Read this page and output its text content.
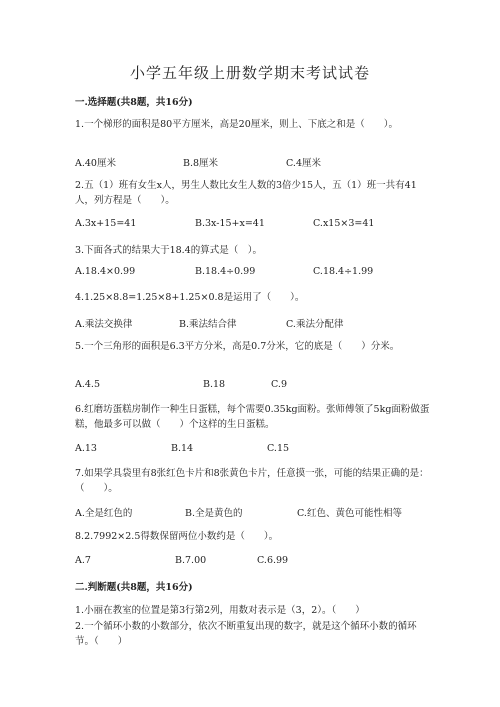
小学五年级上册数学期末考试试卷
一.选择题(共8题，共16分)
1.一个梯形的面积是80平方厘米，高是20厘米，则上、下底之和是（　　）。
A.40厘米	B.8厘米	C.4厘米
2.五（1）班有女生x人，男生人数比女生人数的3倍少15人，五（1）班一共有41人，列方程是（　　）。
A.3x+15=41	B.3x-15+x=41	C.x15×3=41
3.下面各式的结果大于18.4的算式是（　）。
A.18.4×0.99	B.18.4÷0.99	C.18.4÷1.99
4.1.25×8.8=1.25×8+1.25×0.8是运用了（　　）。
A.乘法交换律	B.乘法结合律	C.乘法分配律
5.一个三角形的面积是6.3平方分米，高是0.7分米，它的底是（　　）分米。
A.4.5	B.18	C.9
6.红磨坊蛋糕房制作一种生日蛋糕，每个需要0.35kg面粉。张师傅领了5kg面粉做蛋糕，他最多可以做（　　）个这样的生日蛋糕。
A.13	B.14	C.15
7.如果学具袋里有8张红色卡片和8张黄色卡片，任意摸一张，可能的结果正确的是：（　　）。
A.全是红色的	B.全是黄色的	C.红色、黄色可能性相等
8.2.7992×2.5得数保留两位小数约是（　　）。
A.7	B.7.00	C.6.99
二.判断题(共8题，共16分)
1.小丽在教室的位置是第3行第2列，用数对表示是（3，2）。（　　）
2.一个循环小数的小数部分，依次不断重复出现的数字，就是这个循环小数的循环节。（　　）
